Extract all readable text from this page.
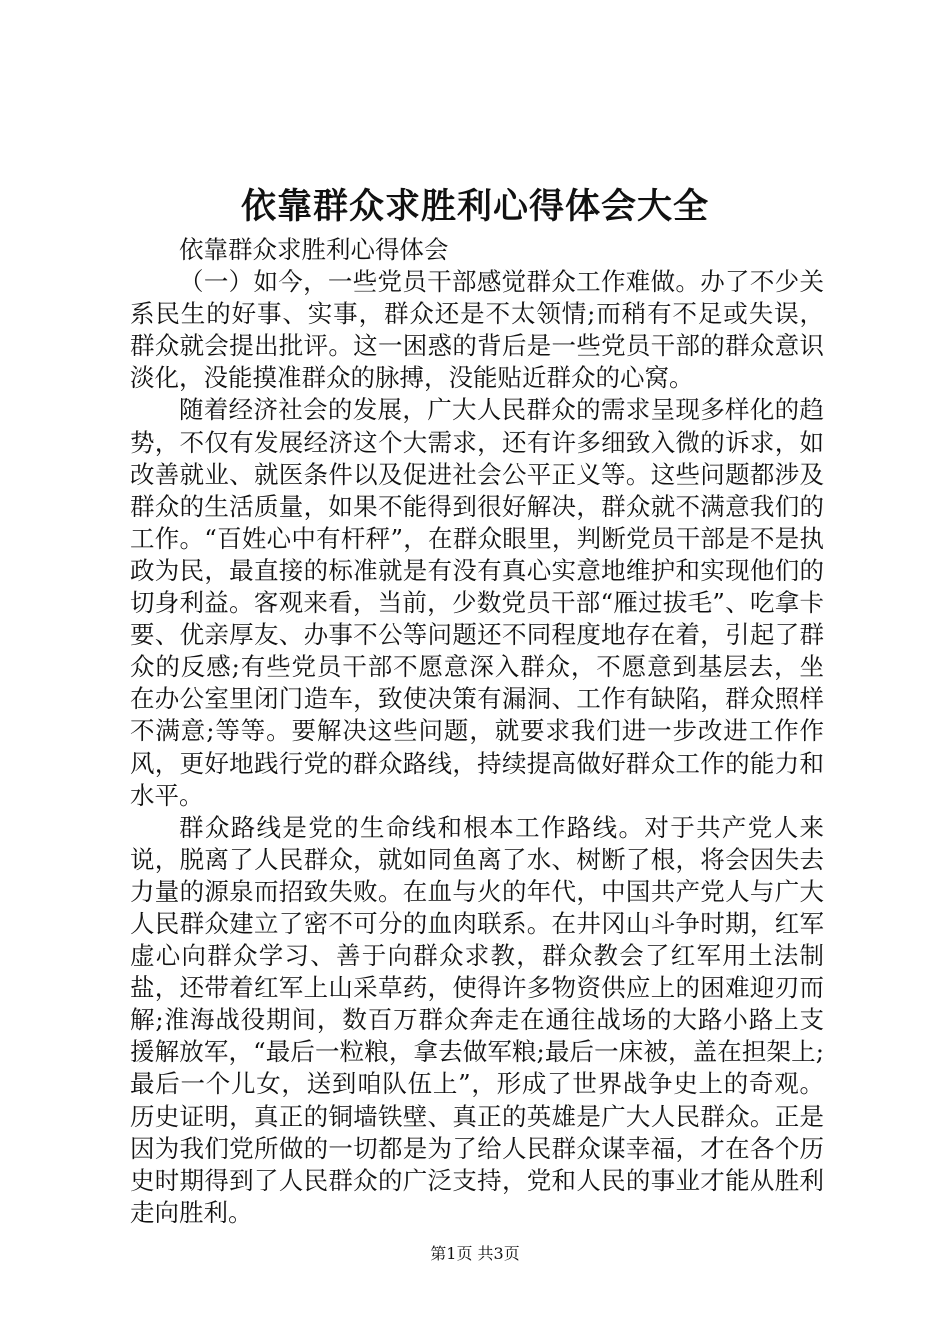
依靠群众求胜利心得体会大全

依靠群众求胜利心得体会

（一）如今，一些党员干部感觉群众工作难做。办了不少关系民生的好事、实事，群众还是不太领情;而稍有不足或失误，群众就会提出批评。这一困惑的背后是一些党员干部的群众意识淡化，没能摸准群众的脉搏，没能贴近群众的心窝。

随着经济社会的发展，广大人民群众的需求呈现多样化的趋势，不仅有发展经济这个大需求，还有许多细致入微的诉求，如改善就业、就医条件以及促进社会公平正义等。这些问题都涉及群众的生活质量，如果不能得到很好解决，群众就不满意我们的工作。“百姓心中有杆秤”，在群众眼里，判断党员干部是不是执政为民，最直接的标准就是有没有真心实意地维护和实现他们的切身利益。客观来看，当前，少数党员干部“雁过拔毛”、吃拿卡要、优亲厚友、办事不公等问题还不同程度地存在着，引起了群众的反感;有些党员干部不愿意深入群众，不愿意到基层去，坐在办公室里闭门造车，致使决策有漏洞、工作有缺陷，群众照样不满意;等等。要解决这些问题，就要求我们进一步改进工作作风，更好地践行党的群众路线，持续提高做好群众工作的能力和水平。

群众路线是党的生命线和根本工作路线。对于共产党人来说，脱离了人民群众，就如同鱼离了水、树断了根，将会因失去力量的源泉而招致失败。在血与火的年代，中国共产党人与广大人民群众建立了密不可分的血肉联系。在井冈山斗争时期，红军虚心向群众学习、善于向群众求教，群众教会了红军用土法制盐，还带着红军上山采草药，使得许多物资供应上的困难迎刃而解;淮海战役期间，数百万群众奔走在通往战场的大路小路上支援解放军，“最后一粒粮，拿去做军粮;最后一床被，盖在担架上;最后一个儿女，送到咱队伍上”，形成了世界战争史上的奇观。历史证明，真正的铜墙铁壁、真正的英雄是广大人民群众。正是因为我们党所做的一切都是为了给人民群众谋幸福，才在各个历史时期得到了人民群众的广泛支持，党和人民的事业才能从胜利走向胜利。

第1页 共3页
